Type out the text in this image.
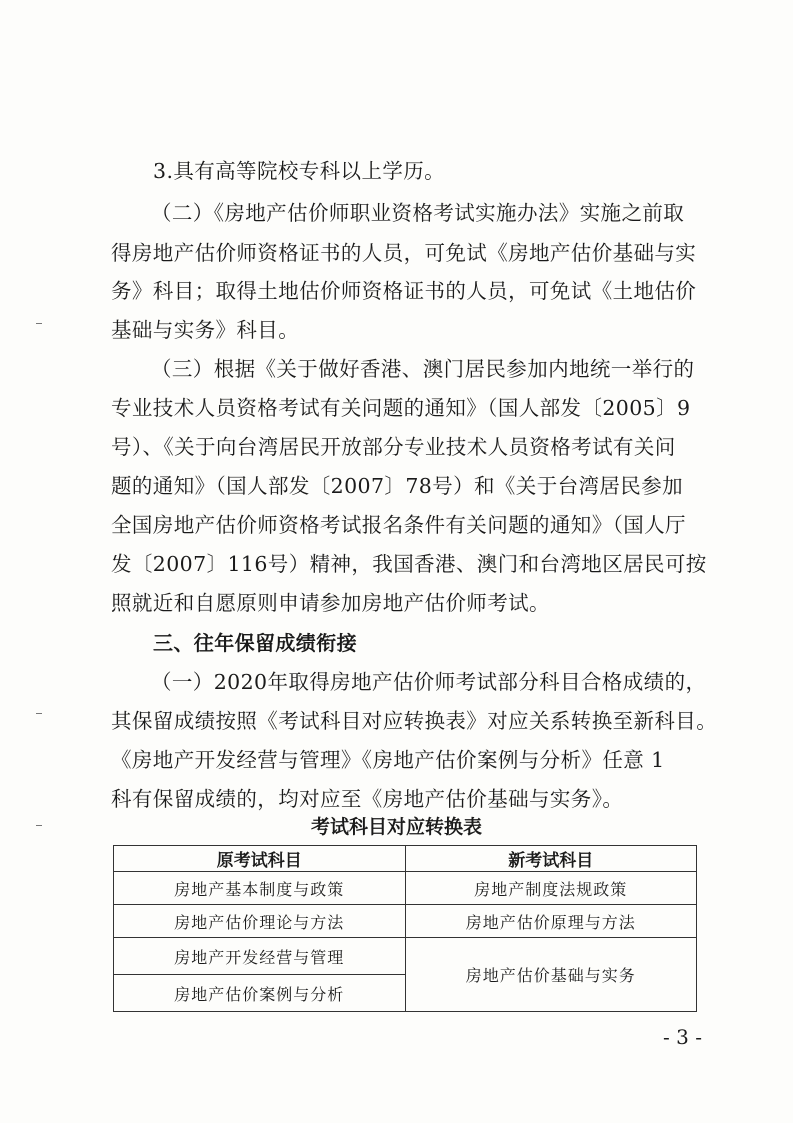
3.具有高等院校专科以上学历。
（二）《房地产估价师职业资格考试实施办法》实施之前取
得房地产估价师资格证书的人员，可免试《房地产估价基础与实
务》科目；取得土地估价师资格证书的人员，可免试《土地估价
基础与实务》科目。
（三）根据《关于做好香港、澳门居民参加内地统一举行的
专业技术人员资格考试有关问题的通知》（国人部发〔2005〕9
号）、《关于向台湾居民开放部分专业技术人员资格考试有关问
题的通知》（国人部发〔2007〕78号）和《关于台湾居民参加
全国房地产估价师资格考试报名条件有关问题的通知》（国人厅
发〔2007〕116号）精神，我国香港、澳门和台湾地区居民可按
照就近和自愿原则申请参加房地产估价师考试。
三、往年保留成绩衔接
（一）2020年取得房地产估价师考试部分科目合格成绩的，
其保留成绩按照《考试科目对应转换表》对应关系转换至新科目。
《房地产开发经营与管理》《房地产估价案例与分析》任意 1
科有保留成绩的，均对应至《房地产估价基础与实务》。
考试科目对应转换表
原考试科目	新考试科目
房地产基本制度与政策	房地产制度法规政策
房地产估价理论与方法	房地产估价原理与方法
房地产开发经营与管理	房地产估价基础与实务
房地产估价案例与分析	
- 3 -
